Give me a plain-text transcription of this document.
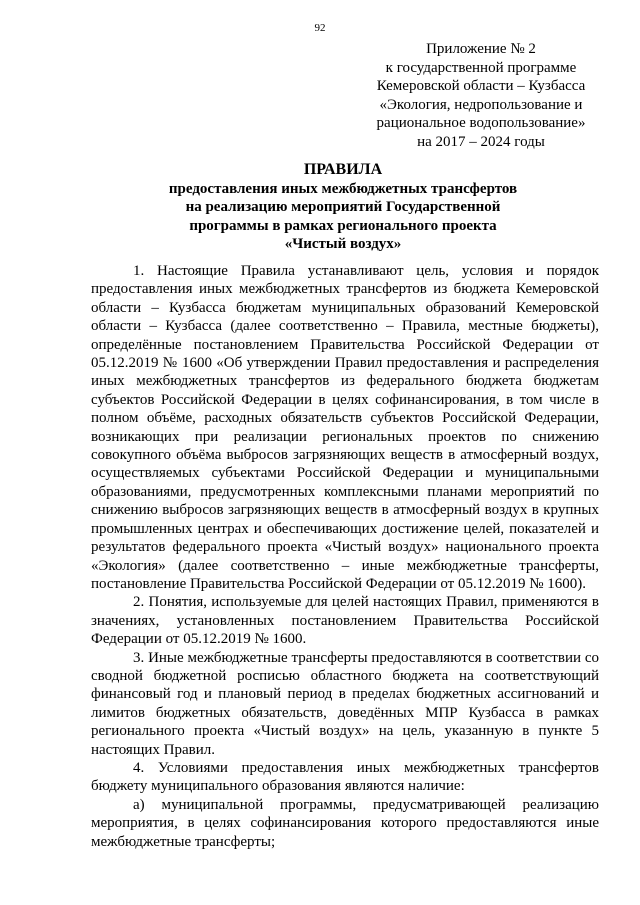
92
Приложение № 2
к государственной программе
Кемеровской области – Кузбасса
«Экология, недропользование и
рациональное водопользование»
на 2017 – 2024 годы
ПРАВИЛА
предоставления иных межбюджетных трансфертов
на реализацию мероприятий Государственной
программы в рамках регионального проекта
«Чистый воздух»

1. Настоящие Правила устанавливают цель, условия и порядок предоставления иных межбюджетных трансфертов из бюджета Кемеровской области – Кузбасса бюджетам муниципальных образований Кемеровской области – Кузбасса (далее соответственно – Правила, местные бюджеты), определённые постановлением Правительства Российской Федерации от 05.12.2019 № 1600 «Об утверждении Правил предоставления и распределения иных межбюджетных трансфертов из федерального бюджета бюджетам субъектов Российской Федерации в целях софинансирования, в том числе в полном объёме, расходных обязательств субъектов Российской Федерации, возникающих при реализации региональных проектов по снижению совокупного объёма выбросов загрязняющих веществ в атмосферный воздух, осуществляемых субъектами Российской Федерации и муниципальными образованиями, предусмотренных комплексными планами мероприятий по снижению выбросов загрязняющих веществ в атмосферный воздух в крупных промышленных центрах и обеспечивающих достижение целей, показателей и результатов федерального проекта «Чистый воздух» национального проекта «Экология» (далее соответственно – иные межбюджетные трансферты, постановление Правительства Российской Федерации от 05.12.2019 № 1600).

2. Понятия, используемые для целей настоящих Правил, применяются в значениях, установленных постановлением Правительства Российской Федерации от 05.12.2019 № 1600.

3. Иные межбюджетные трансферты предоставляются в соответствии со сводной бюджетной росписью областного бюджета на соответствующий финансовый год и плановый период в пределах бюджетных ассигнований и лимитов бюджетных обязательств, доведённых МПР Кузбасса в рамках регионального проекта «Чистый воздух» на цель, указанную в пункте 5 настоящих Правил.

4. Условиями предоставления иных межбюджетных трансфертов бюджету муниципального образования являются наличие:

а) муниципальной программы, предусматривающей реализацию мероприятия, в целях софинансирования которого предоставляются иные межбюджетные трансферты;
